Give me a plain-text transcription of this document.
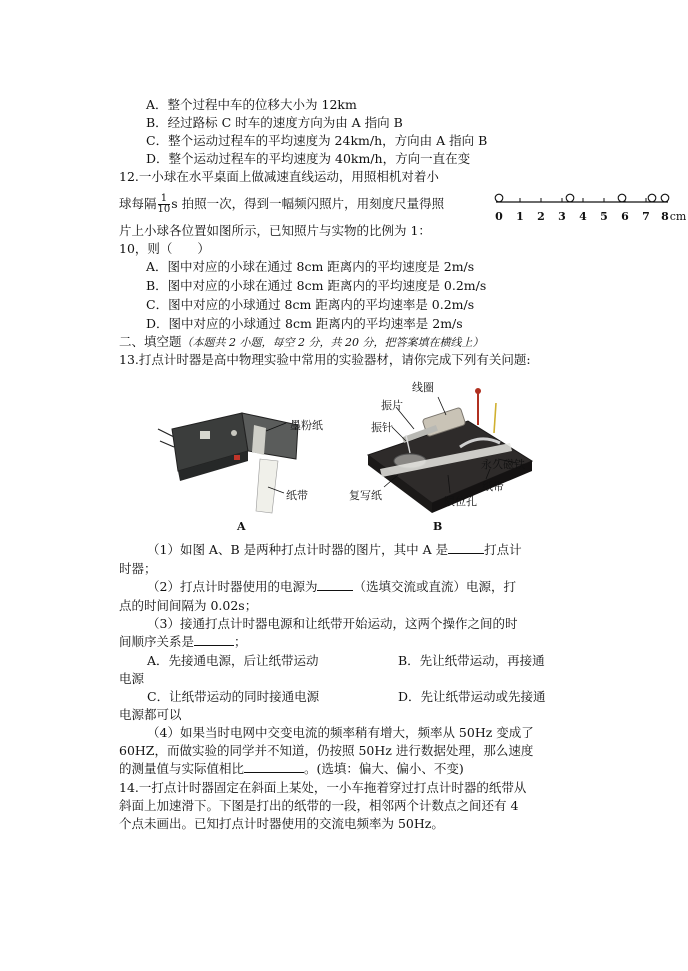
A．整个过程中车的位移大小为 12km
B．经过路标 C 时车的速度方向为由 A 指向 B
C．整个运动过程车的平均速度为 24km/h，方向由 A 指向 B
D．整个运动过程车的平均速度为 40km/h，方向一直在变
12.一小球在水平桌面上做减速直线运动，用照相机对着小
球每隔 $\frac{1}{10}$ s 拍照一次，得到一幅频闪照片，用刻度尺量得照
片上小球各位置如图所示，已知照片与实物的比例为 1：
10，则（　　）
0 1 2 3 4 5 6 7 8 cm
A．图中对应的小球在通过 8cm 距离内的平均速度是 2m/s
B．图中对应的小球在通过 8cm 距离内的平均速度是 0.2m/s
C．图中对应的小球通过 8cm 距离内的平均速率是 0.2m/s
D．图中对应的小球通过 8cm 距离内的平均速率是 2m/s
二、填空题（本题共 2 小题，每空 2 分，共 20 分，把答案填在横线上）
13.打点计时器是高中物理实验中常用的实验器材，请你完成下列有关问题:
墨粉纸
纸带
A
线圈
振片
振针
永久磁铁
纸带
复写纸	限位孔
B
（1）如图 A、B 是两种打点计时器的图片，其中 A 是	打点计
时器；
（2）打点计时器使用的电源为	（选填交流或直流）电源，打
点的时间间隔为 0.02s；
（3）接通打点计时器电源和让纸带开始运动，这两个操作之间的时
间顺序关系是	；
A．先接通电源，后让纸带运动	B．先让纸带运动，再接通
电源
C．让纸带运动的同时接通电源	D．先让纸带运动或先接通
电源都可以
（4）如果当时电网中交变电流的频率稍有增大，频率从 50Hz 变成了
60HZ，而做实验的同学并不知道，仍按照 50Hz 进行数据处理，那么速度
的测量值与实际值相比	。(选填：偏大、偏小、不变)
14.一打点计时器固定在斜面上某处，一小车拖着穿过打点计时器的纸带从
斜面上加速滑下。下图是打出的纸带的一段，相邻两个计数点之间还有 4
个点未画出。已知打点计时器使用的交流电频率为 50Hz。
